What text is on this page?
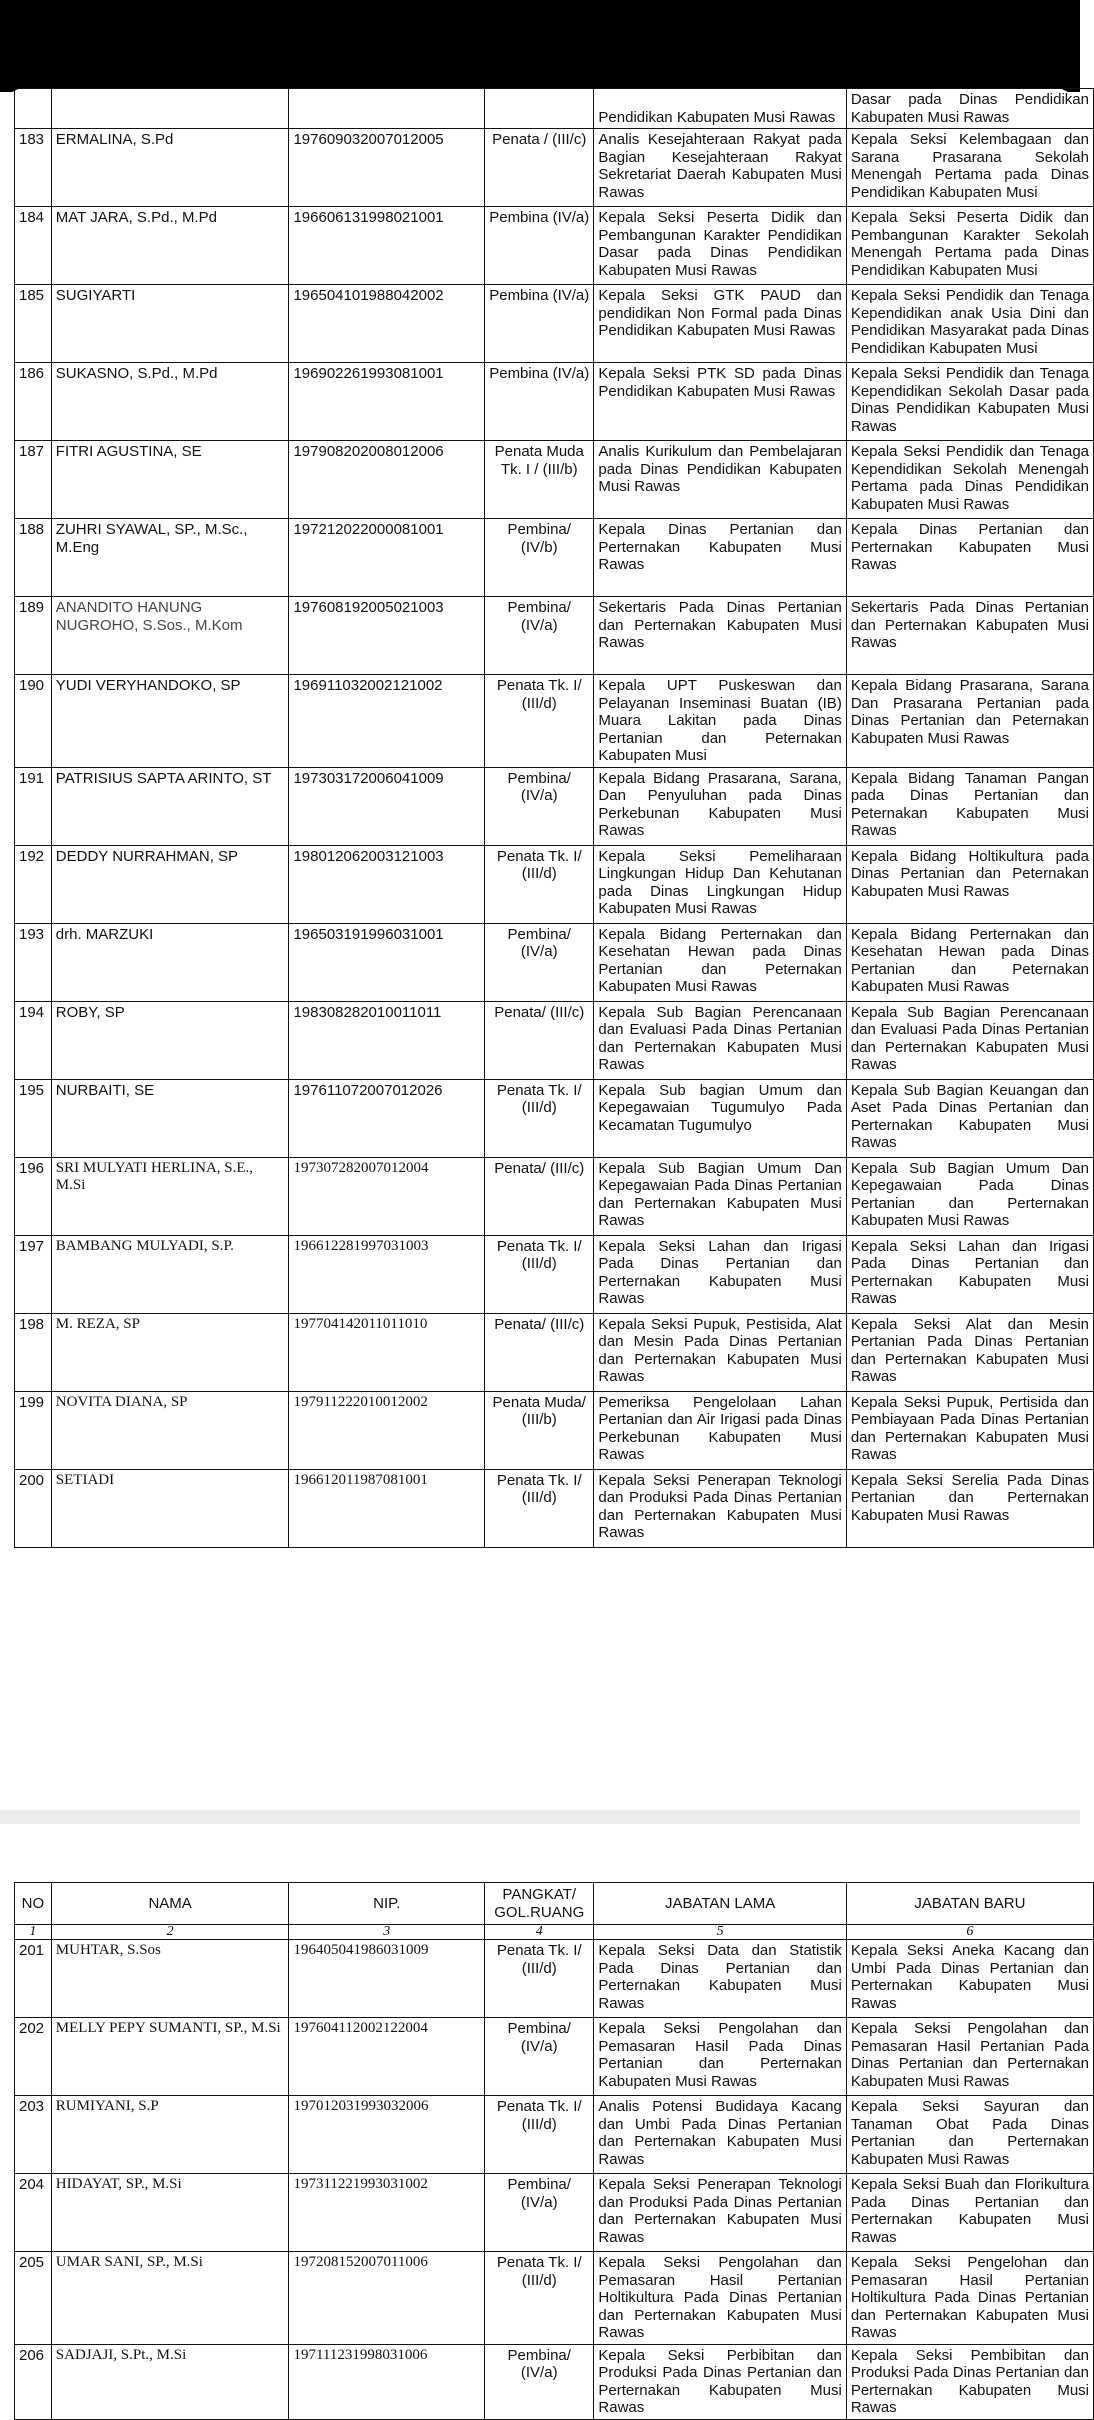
				Pendidikan Kabupaten Musi Rawas	Dasar pada Dinas Pendidikan Kabupaten Musi Rawas
183	ERMALINA, S.Pd	197609032007012005	Penata / (III/c)	Analis Kesejahteraan Rakyat pada Bagian Kesejahteraan Rakyat Sekretariat Daerah Kabupaten Musi Rawas	Kepala Seksi Kelembagaan dan Sarana Prasarana Sekolah Menengah Pertama pada Dinas Pendidikan Kabupaten Musi
184	MAT JARA, S.Pd., M.Pd	196606131998021001	Pembina (IV/a)	Kepala Seksi Peserta Didik dan Pembangunan Karakter Pendidikan Dasar pada Dinas Pendidikan Kabupaten Musi Rawas	Kepala Seksi Peserta Didik dan Pembangunan Karakter Sekolah Menengah Pertama pada Dinas Pendidikan Kabupaten Musi
185	SUGIYARTI	196504101988042002	Pembina (IV/a)	Kepala Seksi GTK PAUD dan pendidikan Non Formal pada Dinas Pendidikan Kabupaten Musi Rawas	Kepala Seksi Pendidik dan Tenaga Kependidikan anak Usia Dini dan Pendidikan Masyarakat pada Dinas Pendidikan Kabupaten Musi
186	SUKASNO, S.Pd., M.Pd	196902261993081001	Pembina (IV/a)	Kepala Seksi PTK SD pada Dinas Pendidikan Kabupaten Musi Rawas	Kepala Seksi Pendidik dan Tenaga Kependidikan Sekolah Dasar pada Dinas Pendidikan Kabupaten Musi Rawas
187	FITRI AGUSTINA, SE	197908202008012006	Penata Muda Tk. I / (III/b)	Analis Kurikulum dan Pembelajaran pada Dinas Pendidikan Kabupaten Musi Rawas	Kepala Seksi Pendidik dan Tenaga Kependidikan Sekolah Menengah Pertama pada Dinas Pendidikan Kabupaten Musi Rawas
188	ZUHRI SYAWAL, SP., M.Sc., M.Eng	197212022000081001	Pembina/ (IV/b)	Kepala Dinas Pertanian dan Perternakan Kabupaten Musi Rawas	Kepala Dinas Pertanian dan Perternakan Kabupaten Musi Rawas
189	ANANDITO HANUNG NUGROHO, S.Sos., M.Kom	197608192005021003	Pembina/ (IV/a)	Sekertaris Pada Dinas Pertanian dan Perternakan Kabupaten Musi Rawas	Sekertaris Pada Dinas Pertanian dan Perternakan Kabupaten Musi Rawas
190	YUDI VERYHANDOKO, SP	196911032002121002	Penata Tk. I/ (III/d)	Kepala UPT Puskeswan dan Pelayanan Inseminasi Buatan (IB) Muara Lakitan pada Dinas Pertanian dan Peternakan Kabupaten Musi	Kepala Bidang Prasarana, Sarana Dan Prasarana Pertanian pada Dinas Pertanian dan Peternakan Kabupaten Musi Rawas
191	PATRISIUS SAPTA ARINTO, ST	197303172006041009	Pembina/ (IV/a)	Kepala Bidang Prasarana, Sarana, Dan Penyuluhan pada Dinas Perkebunan Kabupaten Musi Rawas	Kepala Bidang Tanaman Pangan pada Dinas Pertanian dan Peternakan Kabupaten Musi Rawas
192	DEDDY NURRAHMAN, SP	198012062003121003	Penata Tk. I/ (III/d)	Kepala Seksi Pemeliharaan Lingkungan Hidup Dan Kehutanan pada Dinas Lingkungan Hidup Kabupaten Musi Rawas	Kepala Bidang Holtikultura pada Dinas Pertanian dan Peternakan Kabupaten Musi Rawas
193	drh. MARZUKI	196503191996031001	Pembina/ (IV/a)	Kepala Bidang Perternakan dan Kesehatan Hewan pada Dinas Pertanian dan Peternakan Kabupaten Musi Rawas	Kepala Bidang Perternakan dan Kesehatan Hewan pada Dinas Pertanian dan Peternakan Kabupaten Musi Rawas
194	ROBY, SP	198308282010011011	Penata/ (III/c)	Kepala Sub Bagian Perencanaan dan Evaluasi Pada Dinas Pertanian dan Perternakan Kabupaten Musi Rawas	Kepala Sub Bagian Perencanaan dan Evaluasi Pada Dinas Pertanian dan Perternakan Kabupaten Musi Rawas
195	NURBAITI, SE	197611072007012026	Penata Tk. I/ (III/d)	Kepala Sub bagian Umum dan Kepegawaian Tugumulyo Pada Kecamatan Tugumulyo	Kepala Sub Bagian Keuangan dan Aset Pada Dinas Pertanian dan Perternakan Kabupaten Musi Rawas
196	SRI MULYATI HERLINA, S.E., M.Si	197307282007012004	Penata/ (III/c)	Kepala Sub Bagian Umum Dan Kepegawaian Pada Dinas Pertanian dan Perternakan Kabupaten Musi Rawas	Kepala Sub Bagian Umum Dan Kepegawaian Pada Dinas Pertanian dan Perternakan Kabupaten Musi Rawas
197	BAMBANG MULYADI, S.P.	196612281997031003	Penata Tk. I/ (III/d)	Kepala Seksi Lahan dan Irigasi Pada Dinas Pertanian dan Perternakan Kabupaten Musi Rawas	Kepala Seksi Lahan dan Irigasi Pada Dinas Pertanian dan Perternakan Kabupaten Musi Rawas
198	M. REZA, SP	197704142011011010	Penata/ (III/c)	Kepala Seksi Pupuk, Pestisida, Alat dan Mesin Pada Dinas Pertanian dan Perternakan Kabupaten Musi Rawas	Kepala Seksi Alat dan Mesin Pertanian Pada Dinas Pertanian dan Perternakan Kabupaten Musi Rawas
199	NOVITA DIANA, SP	197911222010012002	Penata Muda/ (III/b)	Pemeriksa Pengelolaan Lahan Pertanian dan Air Irigasi pada Dinas Perkebunan Kabupaten Musi Rawas	Kepala Seksi Pupuk, Pertisida dan Pembiayaan Pada Dinas Pertanian dan Perternakan Kabupaten Musi Rawas
200	SETIADI	196612011987081001	Penata Tk. I/ (III/d)	Kepala Seksi Penerapan Teknologi dan Produksi Pada Dinas Pertanian dan Perternakan Kabupaten Musi Rawas	Kepala Seksi Serelia Pada Dinas Pertanian dan Perternakan Kabupaten Musi Rawas
NO	NAMA	NIP.	PANGKAT/ GOL.RUANG	JABATAN LAMA	JABATAN BARU
1	2	3	4	5	6
201	MUHTAR, S.Sos	196405041986031009	Penata Tk. I/ (III/d)	Kepala Seksi Data dan Statistik Pada Dinas Pertanian dan Perternakan Kabupaten Musi Rawas	Kepala Seksi Aneka Kacang dan Umbi Pada Dinas Pertanian dan Perternakan Kabupaten Musi Rawas
202	MELLY PEPY SUMANTI, SP., M.Si	197604112002122004	Pembina/ (IV/a)	Kepala Seksi Pengolahan dan Pemasaran Hasil Pada Dinas Pertanian dan Perternakan Kabupaten Musi Rawas	Kepala Seksi Pengolahan dan Pemasaran Hasil Pertanian Pada Dinas Pertanian dan Perternakan Kabupaten Musi Rawas
203	RUMIYANI, S.P	197012031993032006	Penata Tk. I/ (III/d)	Analis Potensi Budidaya Kacang dan Umbi Pada Dinas Pertanian dan Perternakan Kabupaten Musi Rawas	Kepala Seksi Sayuran dan Tanaman Obat Pada Dinas Pertanian dan Perternakan Kabupaten Musi Rawas
204	HIDAYAT, SP., M.Si	197311221993031002	Pembina/ (IV/a)	Kepala Seksi Penerapan Teknologi dan Produksi Pada Dinas Pertanian dan Perternakan Kabupaten Musi Rawas	Kepala Seksi Buah dan Florikultura Pada Dinas Pertanian dan Perternakan Kabupaten Musi Rawas
205	UMAR SANI, SP., M.Si	197208152007011006	Penata Tk. I/ (III/d)	Kepala Seksi Pengolahan dan Pemasaran Hasil Pertanian Holtikultura Pada Dinas Pertanian dan Perternakan Kabupaten Musi Rawas	Kepala Seksi Pengelohan dan Pemasaran Hasil Pertanian Holtikultura Pada Dinas Pertanian dan Perternakan Kabupaten Musi Rawas
206	SADJAJI, S.Pt., M.Si	197111231998031006	Pembina/ (IV/a)	Kepala Seksi Perbibitan dan Produksi Pada Dinas Pertanian dan Perternakan Kabupaten Musi Rawas	Kepala Seksi Pembibitan dan Produksi Pada Dinas Pertanian dan Perternakan Kabupaten Musi Rawas
